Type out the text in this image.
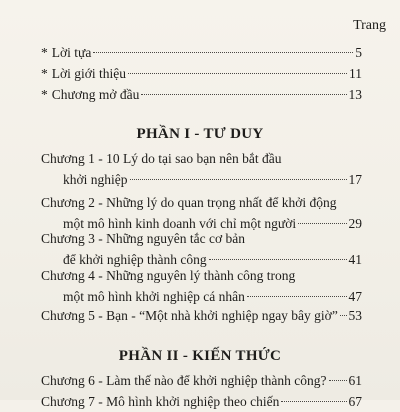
Trang
* Lời tựa	5
* Lời giới thiệu	11
* Chương mở đầu	13
PHẦN I - TƯ DUY
Chương 1 - 10 Lý do tại sao bạn nên bắt đầu
khởi nghiệp	17
Chương 2 - Những lý do quan trọng nhất để khởi động
một mô hình kinh doanh với chỉ một người	29
Chương 3 - Những nguyên tắc cơ bản
để khởi nghiệp thành công	41
Chương 4 - Những nguyên lý thành công trong
một mô hình khởi nghiệp cá nhân	47
Chương 5 - Bạn - “Một nhà khởi nghiệp ngay bây giờ” 53
PHẦN II - KIẾN THỨC
Chương 6 - Làm thế nào để khởi nghiệp thành công? 61
Chương 7 - Mô hình khởi nghiệp theo chiến	67
